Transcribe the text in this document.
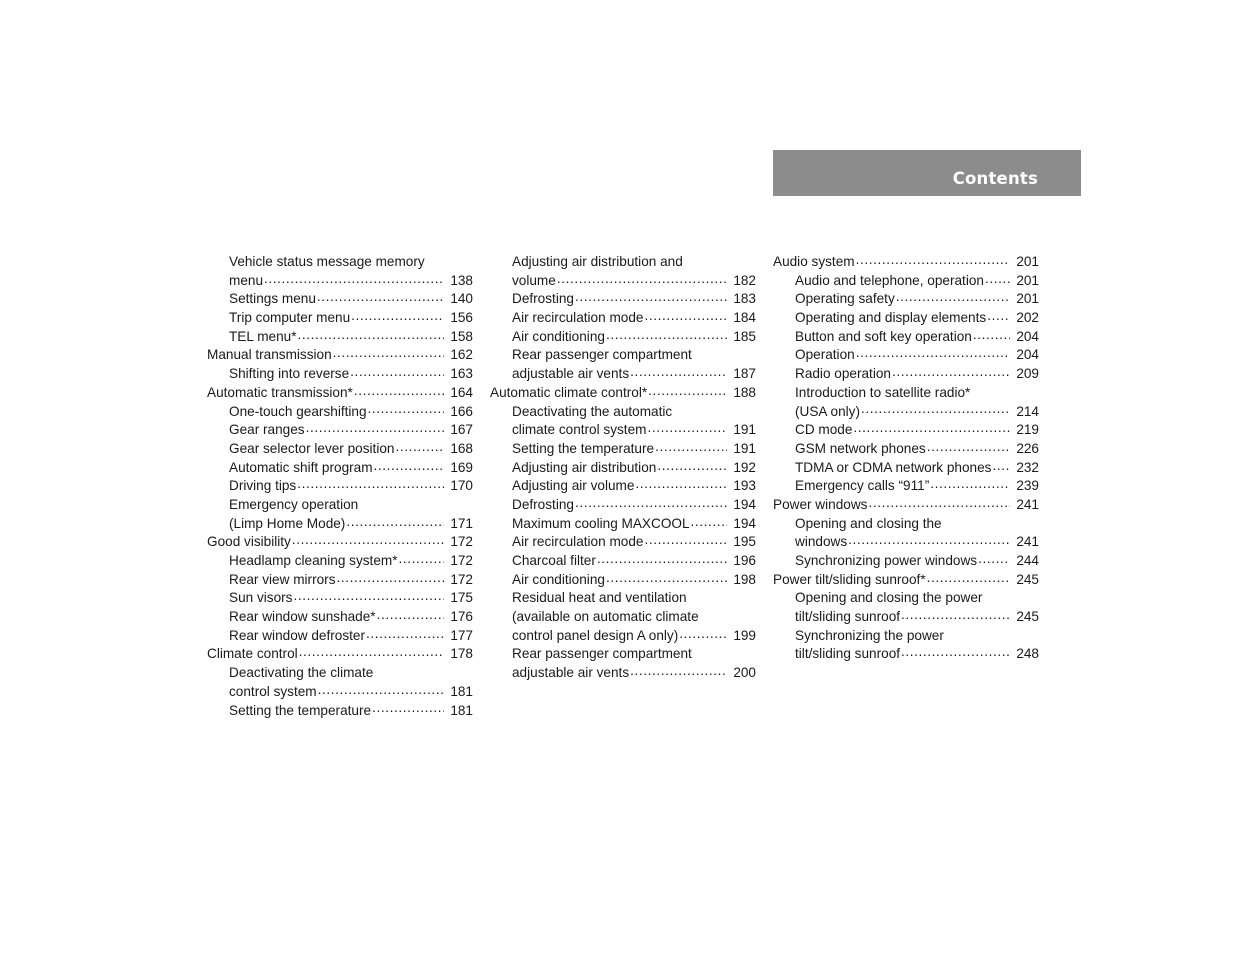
Contents
Vehicle status message memory
menu .....	138
Settings menu .....	140
Trip computer menu .....	156
TEL menu* .....	158
Manual transmission .....	162
Shifting into reverse .....	163
Automatic transmission* .....	164
One-touch gearshifting .....	166
Gear ranges .....	167
Gear selector lever position .....	168
Automatic shift program .....	169
Driving tips .....	170
Emergency operation
(Limp Home Mode) .....	171
Good visibility .....	172
Headlamp cleaning system* .....	172
Rear view mirrors .....	172
Sun visors .....	175
Rear window sunshade* .....	176
Rear window defroster .....	177
Climate control .....	178
Deactivating the climate
control system .....	181
Setting the temperature .....	181
Adjusting air distribution and
volume .....	182
Defrosting .....	183
Air recirculation mode .....	184
Air conditioning .....	185
Rear passenger compartment
adjustable air vents .....	187
Automatic climate control* .....	188
Deactivating the automatic
climate control system .....	191
Setting the temperature .....	191
Adjusting air distribution .....	192
Adjusting air volume .....	193
Defrosting .....	194
Maximum cooling MAXCOOL .....	194
Air recirculation mode .....	195
Charcoal filter .....	196
Air conditioning .....	198
Residual heat and ventilation
(available on automatic climate
control panel design A only) .....	199
Rear passenger compartment
adjustable air vents .....	200
Audio system .....	201
Audio and telephone, operation .....	201
Operating safety .....	201
Operating and display elements .....	202
Button and soft key operation .....	204
Operation .....	204
Radio operation .....	209
Introduction to satellite radio*
(USA only) .....	214
CD mode .....	219
GSM network phones .....	226
TDMA or CDMA network phones .....	232
Emergency calls “911” .....	239
Power windows .....	241
Opening and closing the
windows .....	241
Synchronizing power windows .....	244
Power tilt/sliding sunroof* .....	245
Opening and closing the power
tilt/sliding sunroof .....	245
Synchronizing the power
tilt/sliding sunroof .....	248
